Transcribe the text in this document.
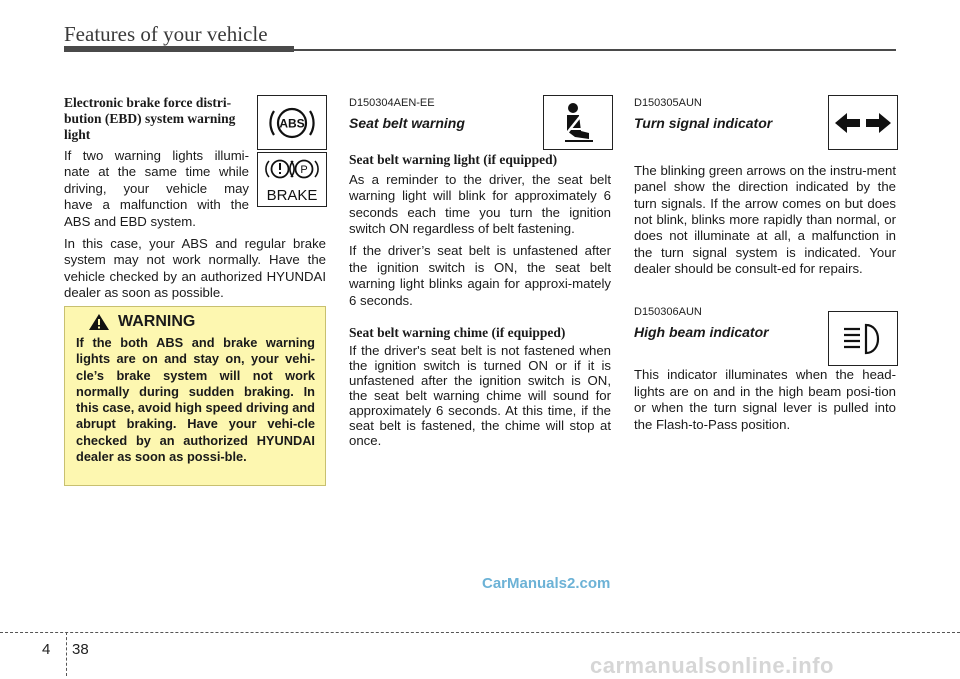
Features of your vehicle
Electronic brake force distri-
bution (EBD) system warning
light
If two warning lights illumi-
nate at the same time while
driving, your vehicle may
have a malfunction with the
ABS and EBD system.

In this case, your ABS and regular brake system may not work normally. Have the vehicle checked by an authorized HYUNDAI dealer as soon as possible.

ABS
P
BRAKE
WARNING
If the both ABS and brake warning lights are on and stay on, your vehi-cle’s brake system will not work normally during sudden braking. In this case, avoid high speed driving and abrupt braking. Have your vehi-cle checked by an authorized HYUNDAI dealer as soon as possi-ble.
D150304AEN-EE
Seat belt warning
Seat belt warning light (if equipped)

As a reminder to the driver, the seat belt warning light will blink for approximately 6 seconds each time you turn the ignition switch ON regardless of belt fastening.

If the driver’s seat belt is unfastened after the ignition switch is ON, the seat belt warning light blinks again for approxi-mately 6 seconds.

Seat belt warning chime (if equipped)

If the driver's seat belt is not fastened when the ignition switch is turned ON or if it is unfastened after the ignition switch is ON, the seat belt warning chime will sound for approximately 6 seconds. At this time, if the seat belt is fastened, the chime will stop at once.

D150305AUN
Turn signal indicator

The blinking green arrows on the instru-ment panel show the direction indicated by the turn signals. If the arrow comes on but does not blink, blinks more rapidly than normal, or does not illuminate at all, a malfunction in the turn signal system is indicated. Your dealer should be consult-ed for repairs.

D150306AUN
High beam indicator

This indicator illuminates when the head-lights are on and in the high beam posi-tion or when the turn signal lever is pulled into the Flash-to-Pass position.

CarManuals2.com
4 38
carmanualsonline.info
